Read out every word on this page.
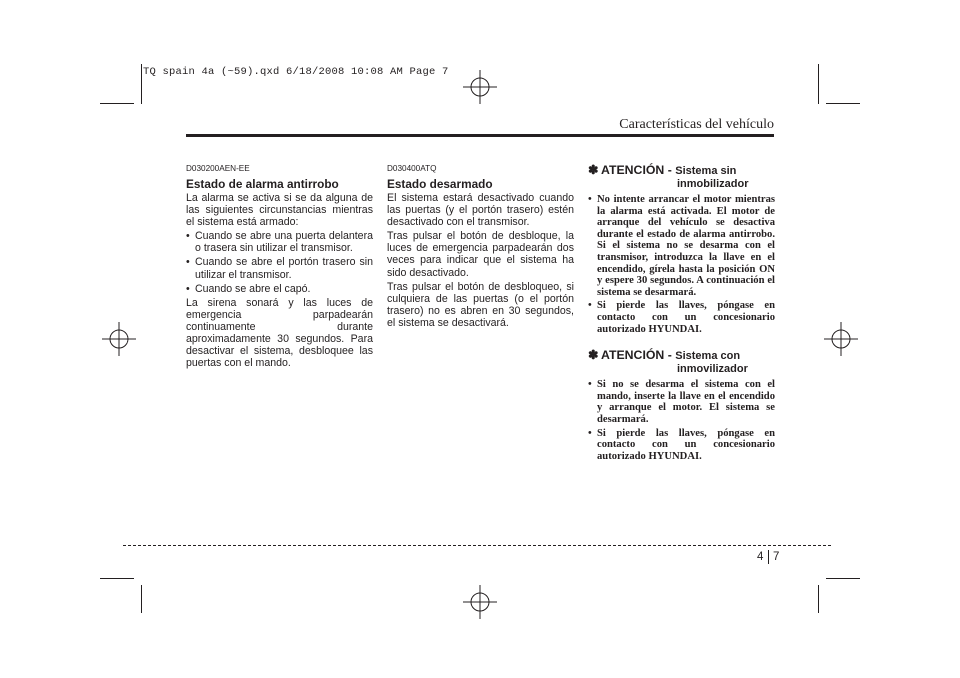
TQ spain 4a (~59).qxd 6/18/2008 10:08 AM Page 7
Características del vehículo
D030200AEN-EE
Estado de alarma antirrobo

La alarma se activa si se da alguna de las siguientes circunstancias mientras el sistema está armado:

• Cuando se abre una puerta delantera o trasera sin utilizar el transmisor.
• Cuando se abre el portón trasero sin utilizar el transmisor.
• Cuando se abre el capó.

La sirena sonará y las luces de emergencia parpadearán continuamente durante aproximadamente 30 segundos. Para desactivar el sistema, desbloquee las puertas con el mando.

D030400ATQ
Estado desarmado

El sistema estará desactivado cuando las puertas (y el portón trasero) estén desactivado con el transmisor.

Tras pulsar el botón de desbloque, la luces de emergencia parpadearán dos veces para indicar que el sistema ha sido desactivado.

Tras pulsar el botón de desbloqueo, si culquiera de las puertas (o el portón trasero) no es abren en 30 segundos, el sistema se desactivará.

✽ ATENCIÓN - Sistema sin
inmobilizador
• No intente arrancar el motor mientras la alarma está activada. El motor de arranque del vehículo se desactiva durante el estado de alarma antirrobo. Si el sistema no se desarma con el transmisor, introduzca la llave en el encendido, gírela hasta la posición ON y espere 30 segundos. A continuación el sistema se desarmará.
• Si pierde las llaves, póngase en contacto con un concesionario autorizado HYUNDAI.
✽ ATENCIÓN - Sistema con
inmovilizador
• Si no se desarma el sistema con el mando, inserte la llave en el encendido y arranque el motor. El sistema se desarmará.
• Si pierde las llaves, póngase en contacto con un concesionario autorizado HYUNDAI.
4 7
